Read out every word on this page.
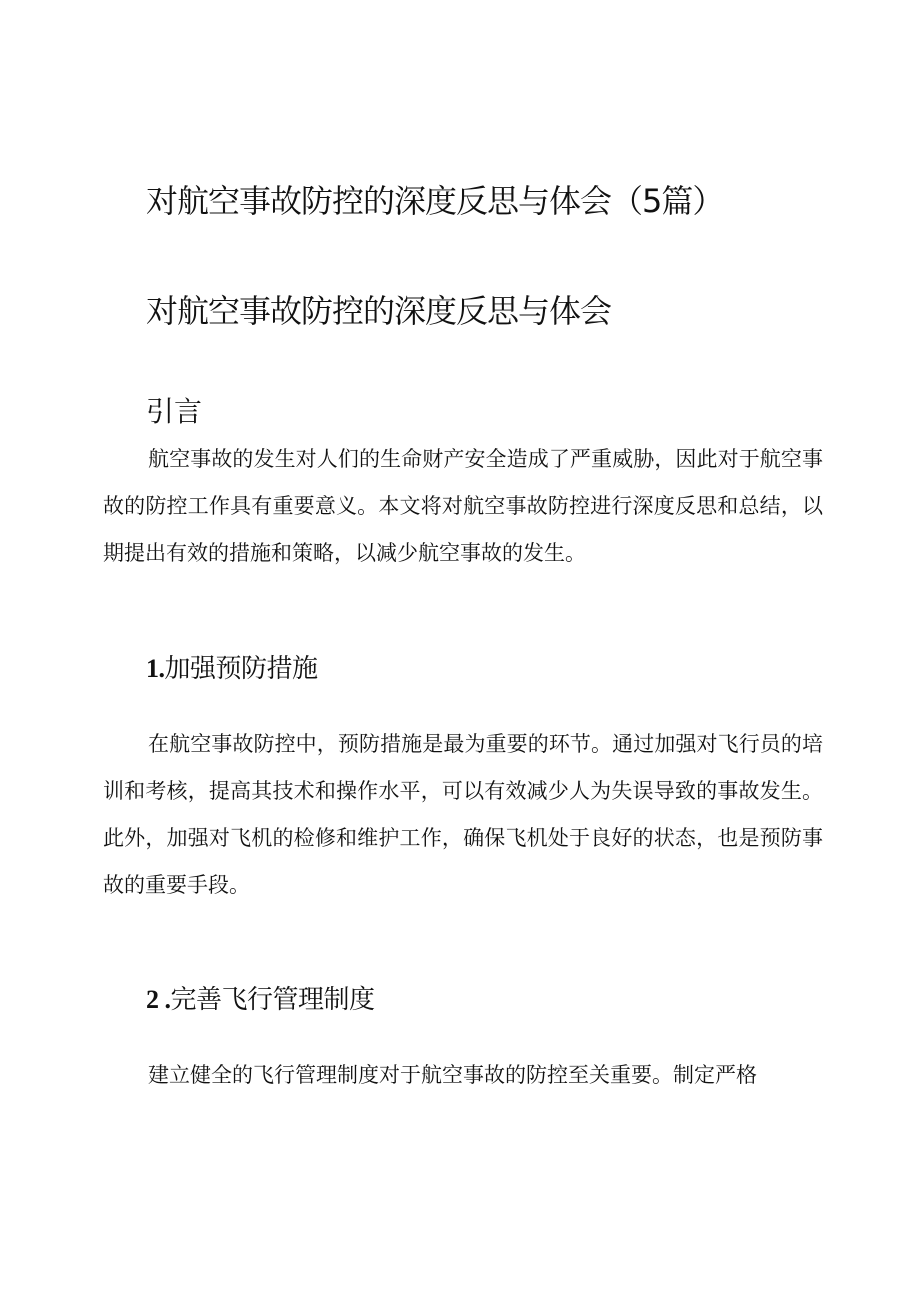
对航空事故防控的深度反思与体会（5篇）
对航空事故防控的深度反思与体会
引言

航空事故的发生对人们的生命财产安全造成了严重威胁，因此对于航空事故的防控工作具有重要意义。本文将对航空事故防控进行深度反思和总结，以期提出有效的措施和策略，以减少航空事故的发生。

1.加强预防措施

在航空事故防控中，预防措施是最为重要的环节。通过加强对飞行员的培训和考核，提高其技术和操作水平，可以有效减少人为失误导致的事故发生。此外，加强对飞机的检修和维护工作，确保飞机处于良好的状态，也是预防事故的重要手段。

2 .完善飞行管理制度

建立健全的飞行管理制度对于航空事故的防控至关重要。制定严格
